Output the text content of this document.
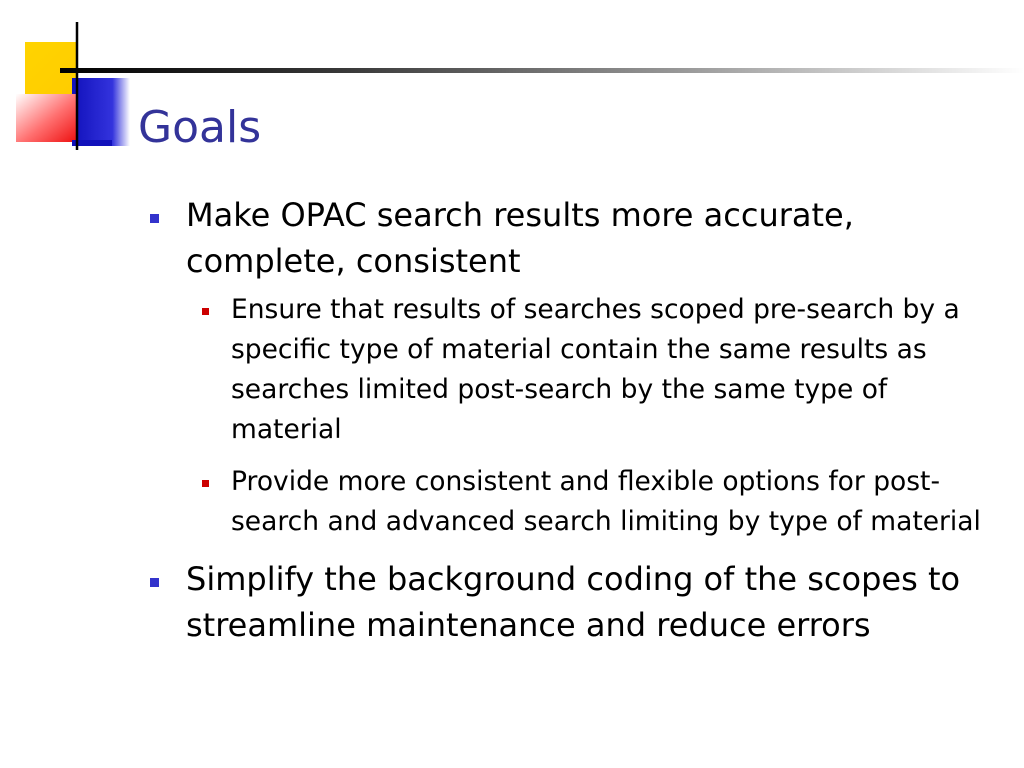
Goals
Make OPAC search results more accurate, complete, consistent
Ensure that results of searches scoped pre-search by a specific type of material contain the same results as searches limited post-search by the same type of material
Provide more consistent and flexible options for post-search and advanced search limiting by type of material
Simplify the background coding of the scopes to streamline maintenance and reduce errors
